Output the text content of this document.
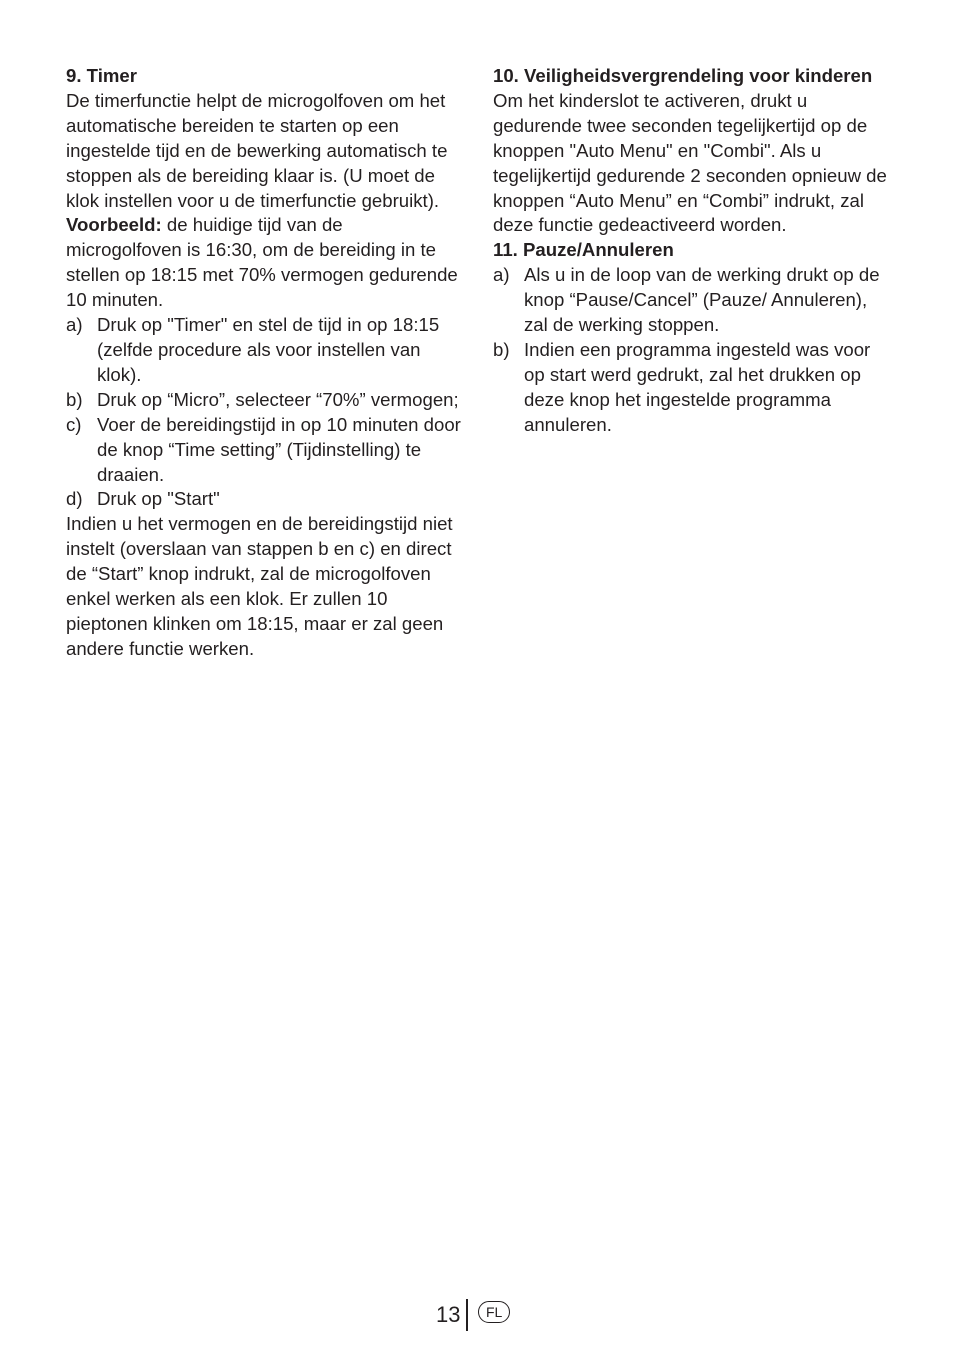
9. Timer

De timerfunctie helpt de microgolfoven om het automatische bereiden te starten op een ingestelde tijd en de bewerking automatisch te stoppen als de bereiding klaar is. (U moet de klok instellen voor u de timerfunctie gebruikt).

Voorbeeld: de huidige tijd van de microgolfoven is 16:30, om de bereiding in te stellen op 18:15 met 70% vermogen gedurende 10 minuten.

a) Druk op "Timer" en stel de tijd in op 18:15 (zelfde procedure als voor instellen van klok).
b) Druk op “Micro”, selecteer “70%” vermogen;
c) Voer de bereidingstijd in op 10 minuten door de knop “Time setting” (Tijdinstelling) te draaien.
d) Druk op "Start"

Indien u het vermogen en de bereidingstijd niet instelt (overslaan van stappen b en c) en direct de “Start” knop indrukt, zal de microgolfoven enkel werken als een klok. Er zullen 10 pieptonen klinken om 18:15, maar er zal geen andere functie werken.

10. Veiligheidsvergrendeling voor kinderen

Om het kinderslot te activeren, drukt u gedurende twee seconden tegelijkertijd op de knoppen "Auto Menu" en "Combi". Als u tegelijkertijd gedurende 2 seconden opnieuw de knoppen “Auto Menu” en “Combi” indrukt, zal deze functie gedeactiveerd worden.

11. Pauze/Annuleren

a) Als u in de loop van de werking drukt op de knop “Pause/Cancel” (Pauze/ Annuleren), zal de werking stoppen.
b) Indien een programma ingesteld was voor op start werd gedrukt, zal het drukken op deze knop het ingestelde programma annuleren.
13	FL
